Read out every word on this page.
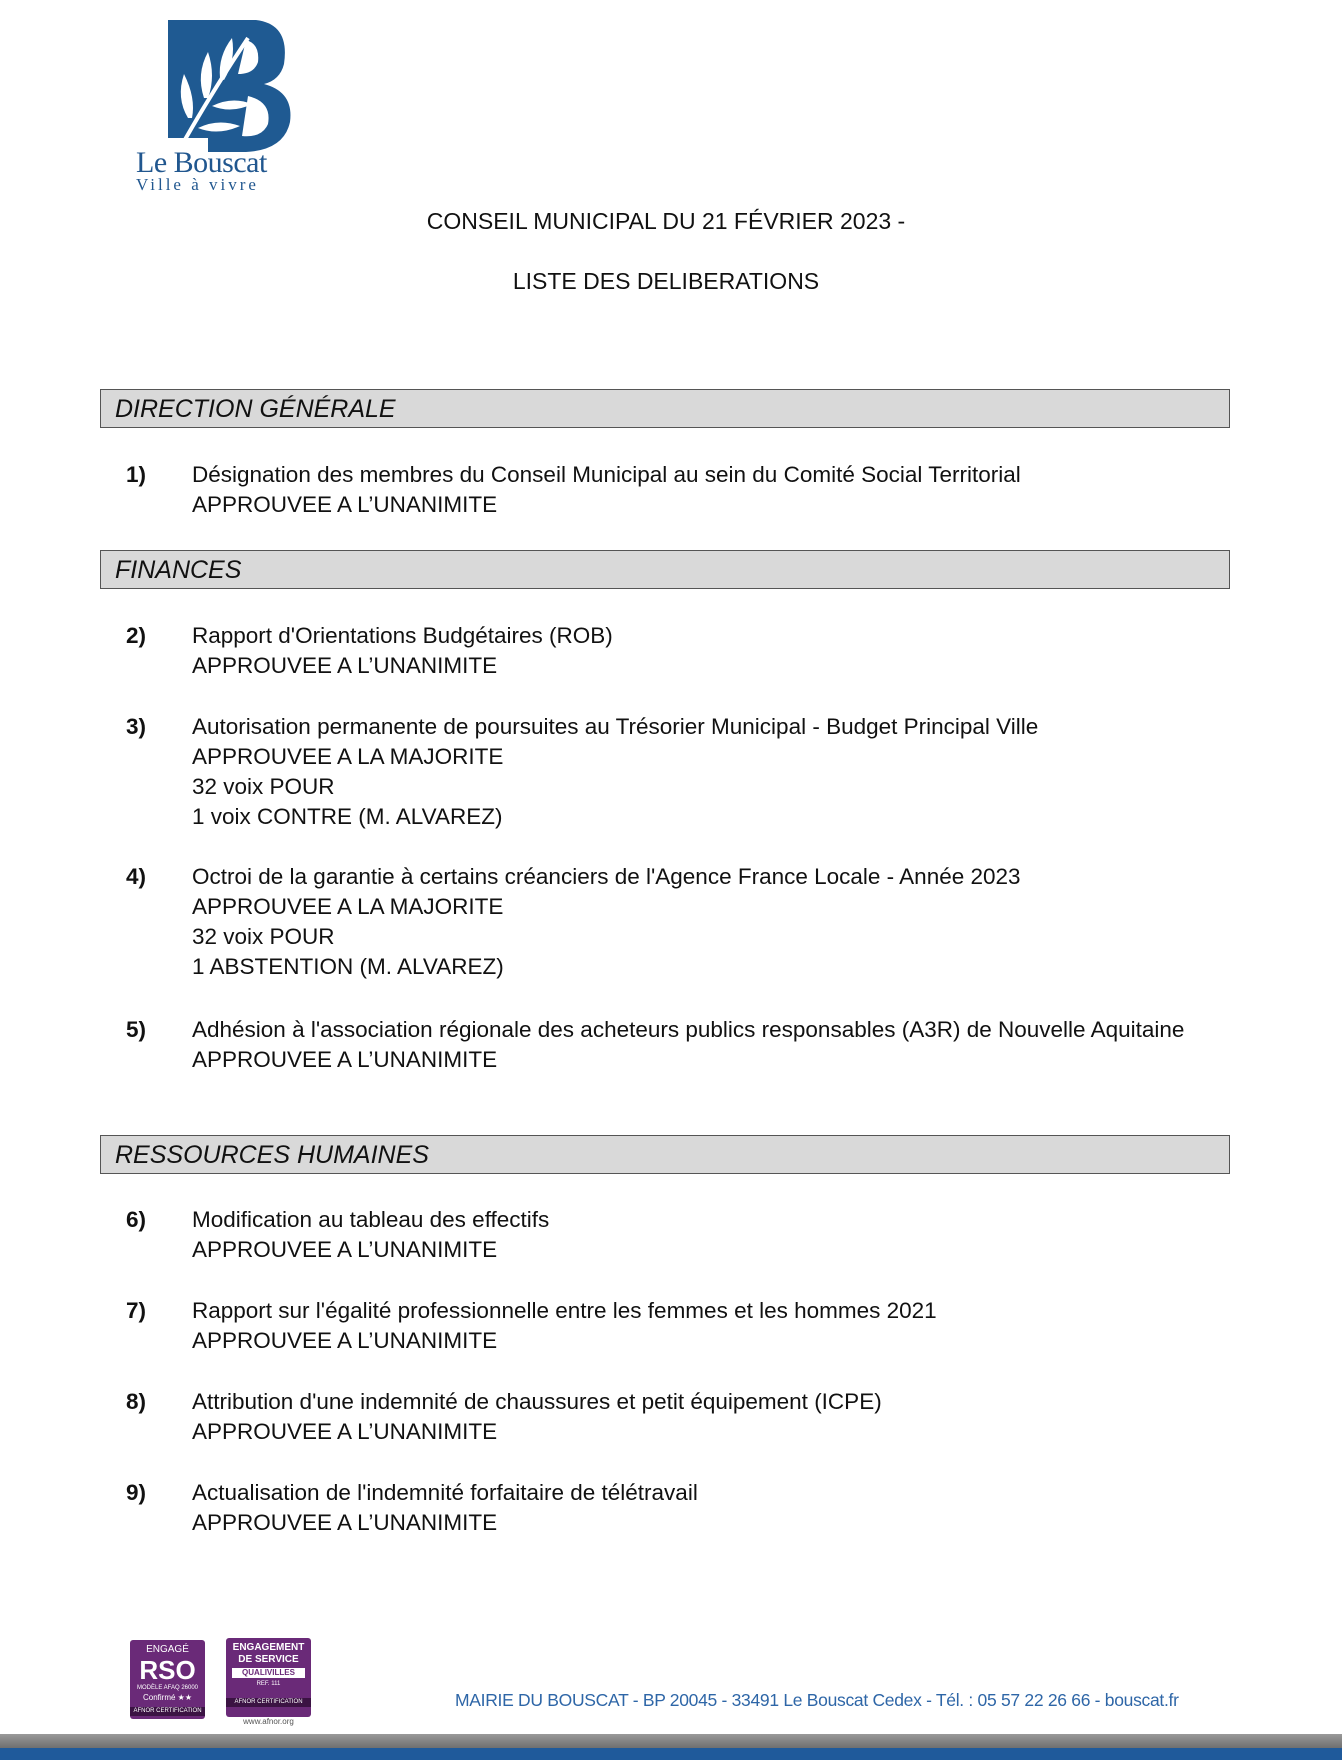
Le Bouscat
Ville à vivre
CONSEIL MUNICIPAL DU 21 FÉVRIER 2023 -
LISTE DES DELIBERATIONS
DIRECTION GÉNÉRALE
FINANCES
RESSOURCES HUMAINES
1) Désignation des membres du Conseil Municipal au sein du Comité Social Territorial
APPROUVEE A L’UNANIMITE
2) Rapport d'Orientations Budgétaires (ROB)
APPROUVEE A L’UNANIMITE
3) Autorisation permanente de poursuites au Trésorier Municipal - Budget Principal Ville
APPROUVEE A LA MAJORITE
32 voix POUR
1 voix CONTRE (M. ALVAREZ)
4) Octroi de la garantie à certains créanciers de l'Agence France Locale - Année 2023
APPROUVEE A LA MAJORITE
32 voix POUR
1 ABSTENTION (M. ALVAREZ)
5) Adhésion à l'association régionale des acheteurs publics responsables (A3R) de Nouvelle Aquitaine
APPROUVEE A L’UNANIMITE
6) Modification au tableau des effectifs
APPROUVEE A L’UNANIMITE
7) Rapport sur l'égalité professionnelle entre les femmes et les hommes 2021
APPROUVEE A L’UNANIMITE
8) Attribution d'une indemnité de chaussures et petit équipement (ICPE)
APPROUVEE A L’UNANIMITE
9) Actualisation de l'indemnité forfaitaire de télétravail
APPROUVEE A L’UNANIMITE
ENGAGÉ
RSO
MODÈLE AFAQ 26000
Confirmé ★★
AFNOR CERTIFICATION
ENGAGEMENT
DE SERVICE
QUALIVILLES
REF. 111
AFNOR CERTIFICATION
www.afnor.org
MAIRIE DU BOUSCAT - BP 20045 - 33491 Le Bouscat Cedex - Tél. : 05 57 22 26 66 - bouscat.fr
